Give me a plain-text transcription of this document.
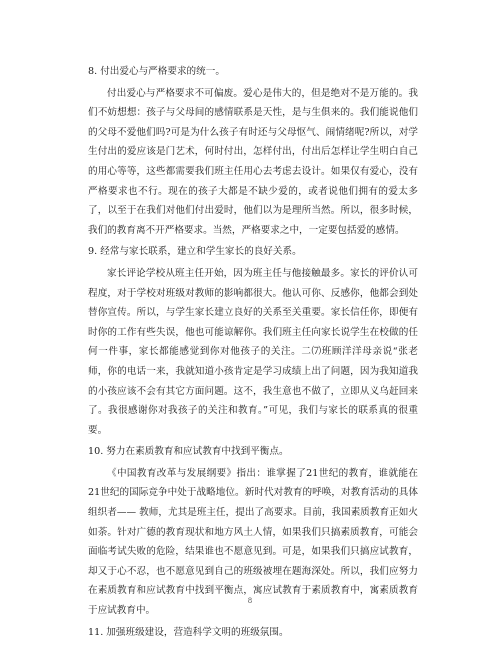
8. 付出爱心与严格要求的统一。

付出爱心与严格要求不可偏废。爱心是伟大的，但是绝对不是万能的。我们不妨想想：孩子与父母间的感情联系是天性，是与生俱来的。我们能说他们的父母不爱他们吗?可是为什么孩子有时还与父母怄气、闹情绪呢?所以，对学生付出的爱应该是门艺术，何时付出，怎样付出，付出后怎样让学生明白自己的用心等等，这些都需要我们班主任用心去考虑去设计。如果仅有爱心，没有严格要求也不行。现在的孩子大都是不缺少爱的，或者说他们拥有的爱太多了，以至于在我们对他们付出爱时，他们以为是理所当然。所以，很多时候，我们的教育离不开严格要求。当然，严格要求之中，一定要包括爱的感情。

9. 经常与家长联系，建立和学生家长的良好关系。

家长评论学校从班主任开始，因为班主任与他接触最多。家长的评价认可程度，对于学校对班级对教师的影响都很大。他认可你、反感你，他都会到处替你宣传。所以，与学生家长建立良好的关系至关重要。家长信任你，即便有时你的工作有些失误，他也可能谅解你。我们班主任向家长说学生在校做的任何一件事，家长都能感觉到你对他孩子的关注。二⑺班顾洋洋母亲说“张老师，你的电话一来，我就知道小孩肯定是学习成绩上出了问题，因为我知道我的小孩应该不会有其它方面问题。这不，我生意也不做了，立即从义乌赶回来了。我很感谢你对我孩子的关注和教育。”可见，我们与家长的联系真的很重要。

10. 努力在素质教育和应试教育中找到平衡点。

《中国教育改革与发展纲要》指出：谁掌握了21世纪的教育，谁就能在21世纪的国际竞争中处于战略地位。新时代对教育的呼唤，对教育活动的具体组织者—— 教师，尤其是班主任，提出了高要求。目前，我国素质教育正如火如荼。针对广德的教育现状和地方风土人情，如果我们只搞素质教育，可能会面临考试失败的危险，结果谁也不愿意见到。可是，如果我们只搞应试教育，却又于心不忍，也不愿意见到自己的班级被埋在题海深处。所以，我们应努力在素质教育和应试教育中找到平衡点，寓应试教育于素质教育中，寓素质教育于应试教育中。

11. 加强班级建设，营造科学文明的班级氛围。

8
